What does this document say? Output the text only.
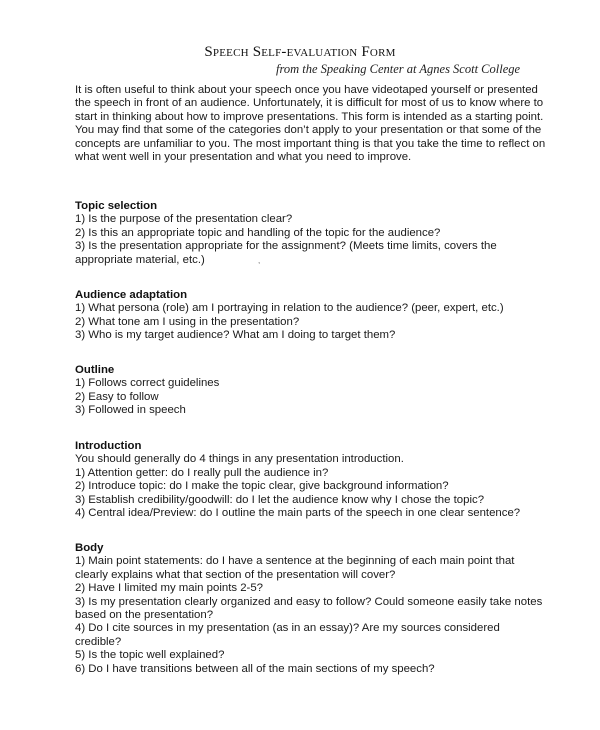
Speech Self-evaluation Form
from the Speaking Center at Agnes Scott College

It is often useful to think about your speech once you have videotaped yourself or presented the speech in front of an audience. Unfortunately, it is difficult for most of us to know where to start in thinking about how to improve presentations. This form is intended as a starting point. You may find that some of the categories don’t apply to your presentation or that some of the concepts are unfamiliar to you. The most important thing is that you take the time to reflect on what went well in your presentation and what you need to improve.

Topic selection

1) Is the purpose of the presentation clear?

2) Is this an appropriate topic and handling of the topic for the audience?

3) Is the presentation appropriate for the assignment? (Meets time limits, covers the appropriate material, etc.)	,
Audience adaptation

1) What persona (role) am I portraying in relation to the audience? (peer, expert, etc.)

2) What tone am I using in the presentation?

3) Who is my target audience? What am I doing to target them?

Outline

1) Follows correct guidelines

2) Easy to follow

3) Followed in speech

Introduction

You should generally do 4 things in any presentation introduction.

1) Attention getter: do I really pull the audience in?

2) Introduce topic: do I make the topic clear, give background information?

3) Establish credibility/goodwill: do I let the audience know why I chose the topic?

4) Central idea/Preview: do I outline the main parts of the speech in one clear sentence?

Body

1) Main point statements: do I have a sentence at the beginning of each main point that clearly explains what that section of the presentation will cover?

2) Have I limited my main points 2-5?

3) Is my presentation clearly organized and easy to follow? Could someone easily take notes based on the presentation?

4) Do I cite sources in my presentation (as in an essay)? Are my sources considered credible?

5) Is the topic well explained?

6) Do I have transitions between all of the main sections of my speech?
